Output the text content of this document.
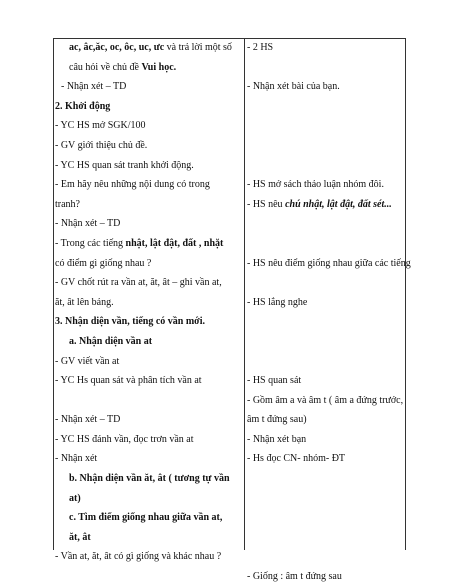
ac, âc,ăc, oc, ôc, uc, ưc và trả lời một số
câu hỏi về chủ đề Vui học.
- Nhận xét – TD
2. Khởi động
- YC HS mở SGK/100
- GV giới thiệu chủ đề.
- YC HS quan sát tranh khởi động.
- Em hãy nêu những nội dung có trong
tranh?
- Nhận xét – TD
- Trong các tiếng nhật, lật đật, đất , nhặt
có điểm gì giống nhau ?
- GV chốt rút ra vần at, ăt, ât – ghi vần at,
ăt, ât lên bảng.
3. Nhận diện vần, tiếng có vần mới.
a. Nhận diện vần at
- GV viết vần at
- YC Hs quan sát và phân tích vần at
- Nhận xét – TD
- YC HS đánh vần, đọc trơn vần at
- Nhận xét
b. Nhận diện vần ăt, ât ( tương tự vần
at)
c. Tìm điểm giống nhau giữa vần at,
ăt, ât
- Vần at, ăt, ât có gì giống và khác nhau ?
- 2 HS
- Nhận xét bài của bạn.
- HS mở sách thảo luận nhóm đôi.
- HS nêu chú nhật, lật đật, đất sét...
- HS nêu điểm giống nhau giữa các tiếng
- HS lắng nghe
- HS quan sát
- Gồm âm a và âm t ( âm a đứng trước,
âm t đứng sau)
- Nhận xét bạn
- Hs đọc CN- nhóm- ĐT
- Giống : âm t đứng sau
